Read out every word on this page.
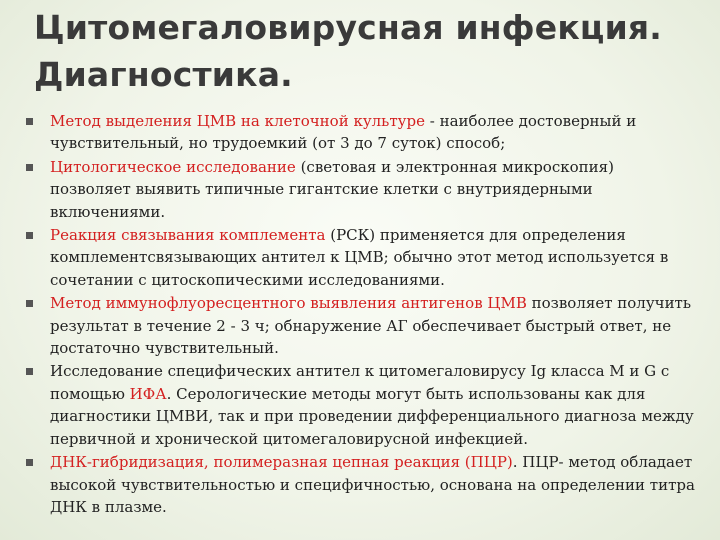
Цитомегаловирусная инфекция.
Диагностика.
Метод выделения ЦМВ на клеточной культуре - наиболее достоверный и чувствительный, но трудоемкий (от 3 до 7 суток) способ;
Цитологическое исследование (световая и электронная микроскопия) позволяет выявить типичные гигантские клетки с внутриядерными включениями.
Реакция связывания комплемента (РСК) применяется для определения комплементсвязывающих антител к ЦМВ; обычно этот метод используется в сочетании с цитоскопическими исследованиями.
Метод иммунофлуоресцентного выявления антигенов ЦМВ позволяет получить результат в течение 2 - 3 ч; обнаружение АГ обеспечивает быстрый ответ, не достаточно чувствительный.
Исследование специфических антител к цитомегаловирусу Ig класса M и G с помощью ИФА. Серологические методы могут быть использованы как для диагностики ЦМВИ, так и при проведении дифференциального диагноза между первичной и хронической цитомегаловирусной инфекцией.
ДНК-гибридизация, полимеразная цепная реакция (ПЦР). ПЦР- метод обладает высокой чувствительностью и специфичностью, основана на определении титра ДНК в плазме.
